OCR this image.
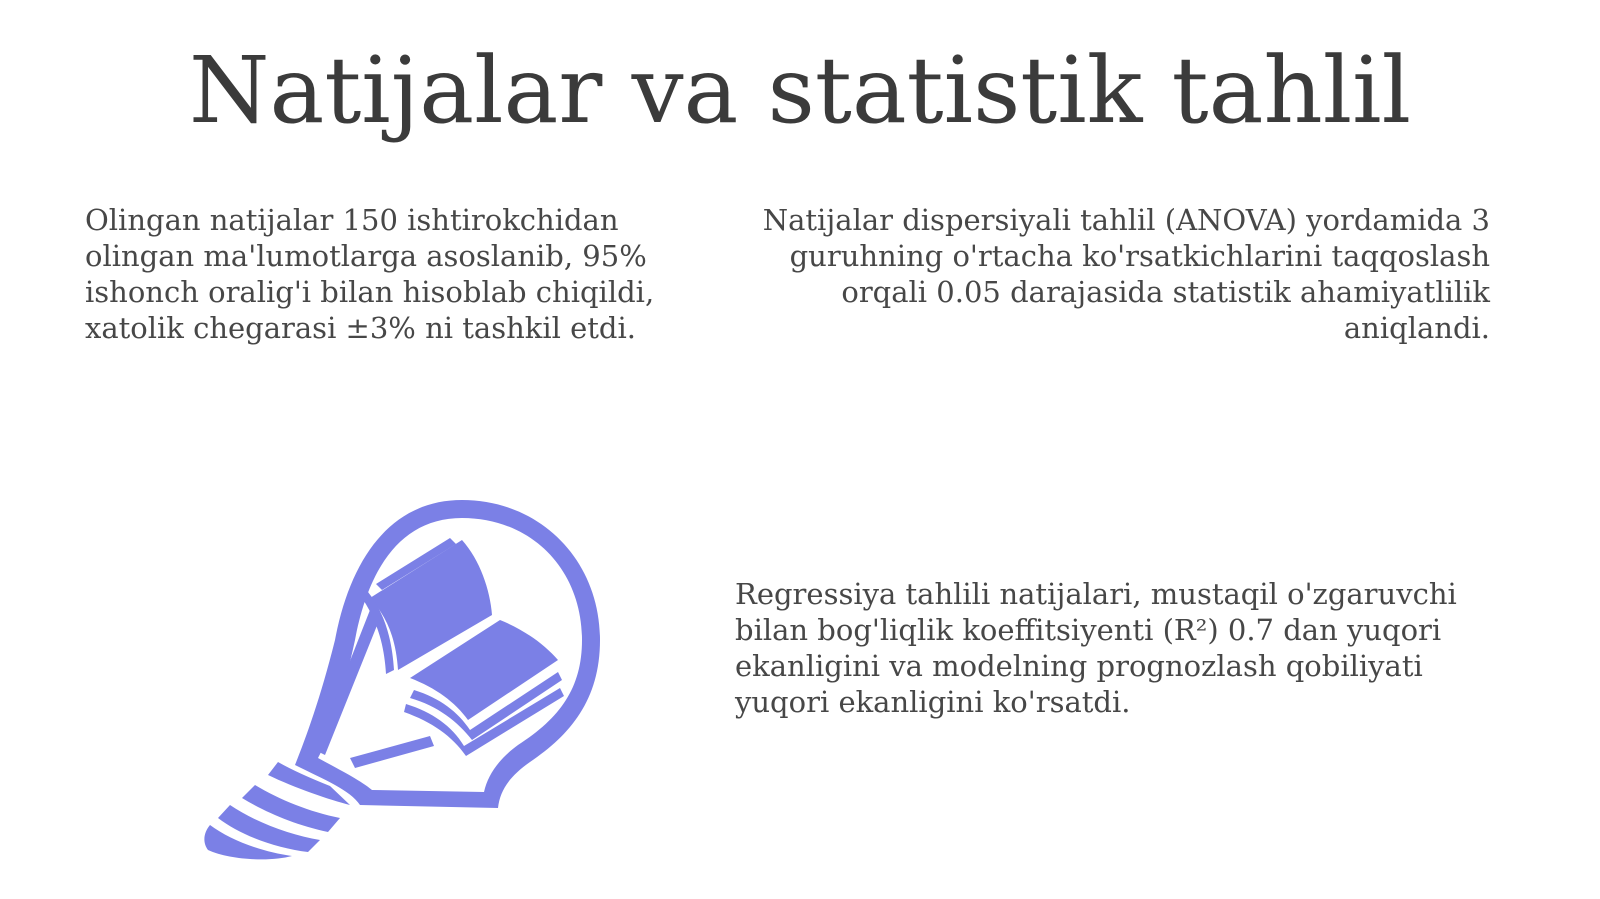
Natijalar va statistik tahlil

Olingan natijalar 150 ishtirokchidan olingan ma'lumotlarga asoslanib, 95% ishonch oralig'i bilan hisoblab chiqildi, xatolik chegarasi ±3% ni tashkil etdi.

Natijalar dispersiyali tahlil (ANOVA) yordamida 3 guruhning o'rtacha ko'rsatkichlarini taqqoslash orqali 0.05 darajasida statistik ahamiyatlilik aniqlandi.

Regressiya tahlili natijalari, mustaqil o'zgaruvchi bilan bog'liqlik koeffitsiyenti (R²) 0.7 dan yuqori ekanligini va modelning prognozlash qobiliyati yuqori ekanligini ko'rsatdi.
